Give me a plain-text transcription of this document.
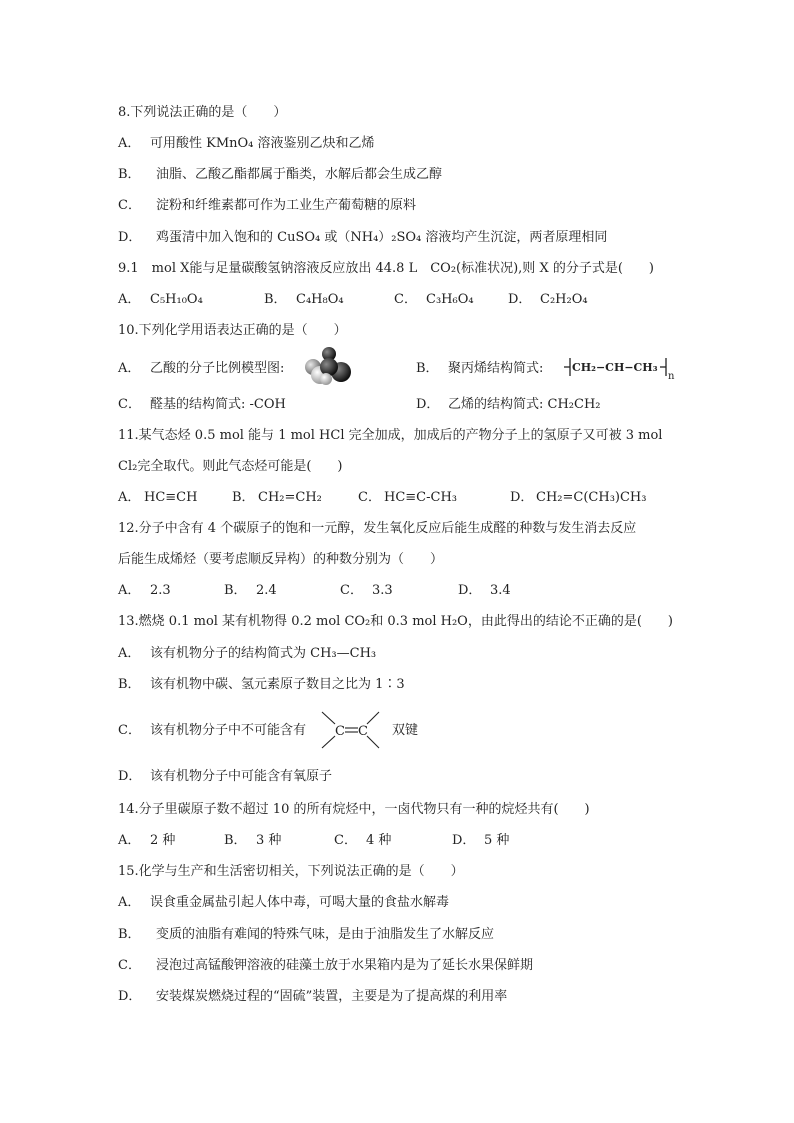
8.下列说法正确的是（　　）
A． 可用酸性 KMnO₄ 溶液鉴别乙炔和乙烯
B． 油脂、乙酸乙酯都属于酯类，水解后都会生成乙醇
C． 淀粉和纤维素都可作为工业生产葡萄糖的原料
D． 鸡蛋清中加入饱和的 CuSO₄ 或（NH₄）₂SO₄ 溶液均产生沉淀，两者原理相同
9.1　mol X能与足量碳酸氢钠溶液反应放出 44.8 L　CO₂(标准状况),则 X 的分子式是(　　)
A． C₅H₁₀O₄	B． C₄H₈O₄	C． C₃H₆O₄	D． C₂H₂O₄
10.下列化学用语表达正确的是（　　）
A． 乙酸的分子比例模型图:	B． 聚丙烯结构简式:	CH₂−CH−CH₃
n
C． 醛基的结构简式: -COH	D． 乙烯的结构简式: CH₂CH₂
11.某气态烃 0.5 mol 能与 1 mol HCl 完全加成，加成后的产物分子上的氢原子又可被 3 mol
Cl₂完全取代。则此气态烃可能是(　　)
A． HC≡CH	B． CH₂=CH₂	C． HC≡C-CH₃	D． CH₂=C(CH₃)CH₃
12.分子中含有 4 个碳原子的饱和一元醇，发生氧化反应后能生成醛的种数与发生消去反应
后能生成烯烃（要考虑顺反异构）的种数分别为（　　）
A． 2.3	B． 2.4	C． 3.3	D． 3.4
13.燃烧 0.1 mol 某有机物得 0.2 mol CO₂和 0.3 mol H₂O，由此得出的结论不正确的是(　　)
A． 该有机物分子的结构简式为 CH₃—CH₃
B． 该有机物中碳、氢元素原子数目之比为 1∶3
C． 该有机物分子中不可能含有 C C 双键
D． 该有机物分子中可能含有氧原子
14.分子里碳原子数不超过 10 的所有烷烃中，一卤代物只有一种的烷烃共有(　　)
A． 2 种	B． 3 种	C． 4 种	D． 5 种
15.化学与生产和生活密切相关，下列说法正确的是（　　）
A． 误食重金属盐引起人体中毒，可喝大量的食盐水解毒
B． 变质的油脂有难闻的特殊气味，是由于油脂发生了水解反应
C． 浸泡过高锰酸钾溶液的硅藻土放于水果箱内是为了延长水果保鲜期
D． 安装煤炭燃烧过程的“固硫”装置，主要是为了提高煤的利用率
